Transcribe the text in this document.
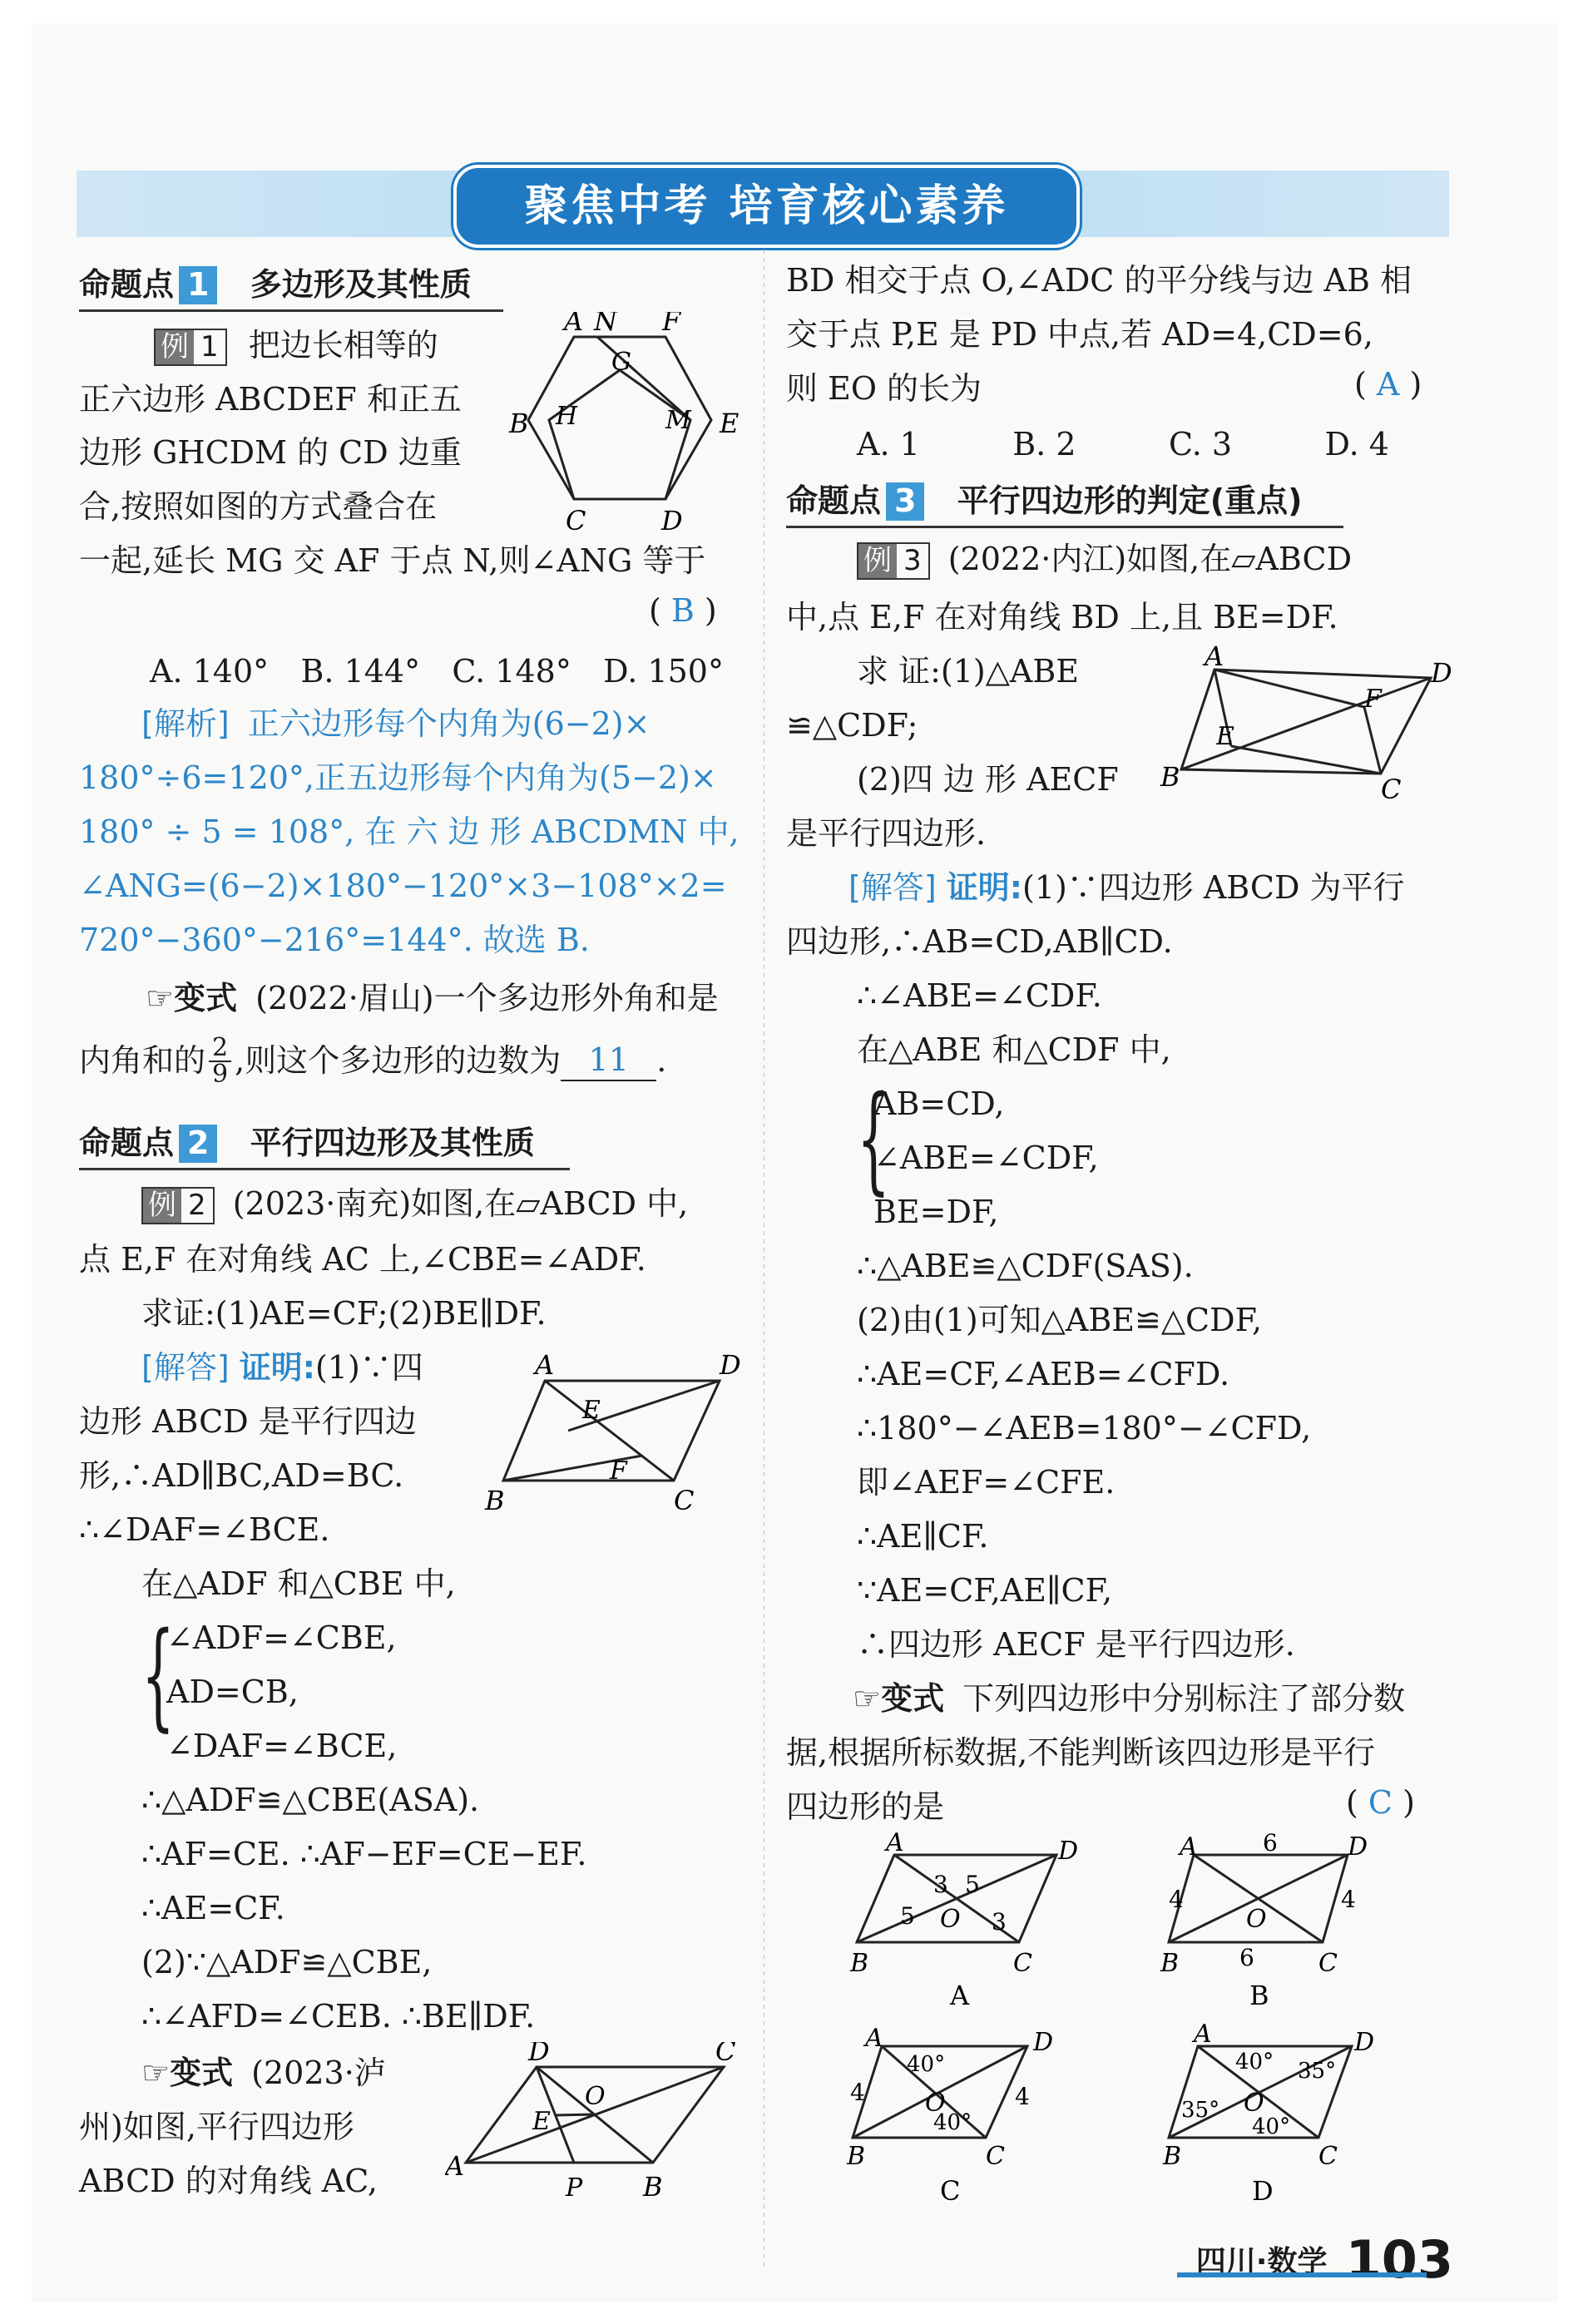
聚焦中考 培育核心素养
命题点 1 多边形及其性质
例 1 把边长相等的
正六边形 ABCDEF 和正五
边形 GHCDM 的 CD 边重
合,按照如图的方式叠合在
一起,延长 MG 交 AF 于点 N,则∠ANG 等于
( B )
A N F
G
B H	M E
C	D
A. 140° B. 144° C. 148° D. 150°
[解析] 正六边形每个内角为(6−2)×
180°÷6=120°,正五边形每个内角为(5−2)×
180° ÷ 5 = 108°, 在 六 边 形 ABCDMN 中,
∠ANG=(6−2)×180°−120°×3−108°×2=
720°−360°−216°=144°. 故选 B.
☞变式 (2022·眉山)一个多边形外角和是
内角和的 2
9 ,则这个多边形的边数为 11 .
命题点 2 平行四边形及其性质
例 2 (2023·南充)如图,在▱ABCD 中,
点 E,F 在对角线 AC 上,∠CBE=∠ADF.
求证:(1)AE=CF;(2)BE∥DF.
[解答] 证明:(1)∵四
边形 ABCD 是平行四边
形,∴AD∥BC,AD=BC.
∴∠DAF=∠BCE.
在△ADF 和△CBE 中,
{
∠ADF=∠CBE,
AD=CB,
∠DAF=∠BCE,
∴△ADF≌△CBE(ASA).
∴AF=CE. ∴AF−EF=CE−EF.
∴AE=CF.
(2)∵△ADF≌△CBE,
∴∠AFD=∠CEB. ∴BE∥DF.
A	D
E
F
B	C
☞变式 (2023·泸
州)如图,平行四边形
ABCD 的对角线 AC,
D	C
E
O
A
P B
BD 相交于点 O,∠ADC 的平分线与边 AB 相
交于点 P,E 是 PD 中点,若 AD=4,CD=6,
则 EO 的长为	( A )
A. 1	B. 2	C. 3	D. 4
命题点 3 平行四边形的判定(重点)
例 3 (2022·内江)如图,在▱ABCD
中,点 E,F 在对角线 BD 上,且 BE=DF.
求 证:(1)△ABE
≌△CDF;
(2)四 边 形 AECF
是平行四边形.
A
D
F
E
B	C
[解答] 证明:(1)∵四边形 ABCD 为平行
四边形,∴AB=CD,AB∥CD.
∴∠ABE=∠CDF.
在△ABE 和△CDF 中,
{
AB=CD,
∠ABE=∠CDF,
BE=DF,
∴△ABE≌△CDF(SAS).
(2)由(1)可知△ABE≌△CDF,
∴AE=CF,∠AEB=∠CFD.
∴180°−∠AEB=180°−∠CFD,
即∠AEF=∠CFE.
∴AE∥CF.
∵AE=CF,AE∥CF,
∴四边形 AECF 是平行四边形.
☞变式 下列四边形中分别标注了部分数
据,根据所标数据,不能判断该四边形是平行
四边形的是	( C )
A	D
B	C
O
3 5
5	3
A
A	D
B	C
O
6
4	4
6
B
A	D
B	C
O
4	4
40°
40°
C
A	D
B	C
O
40°
35°
35°
40°
D
四川·数学 103
